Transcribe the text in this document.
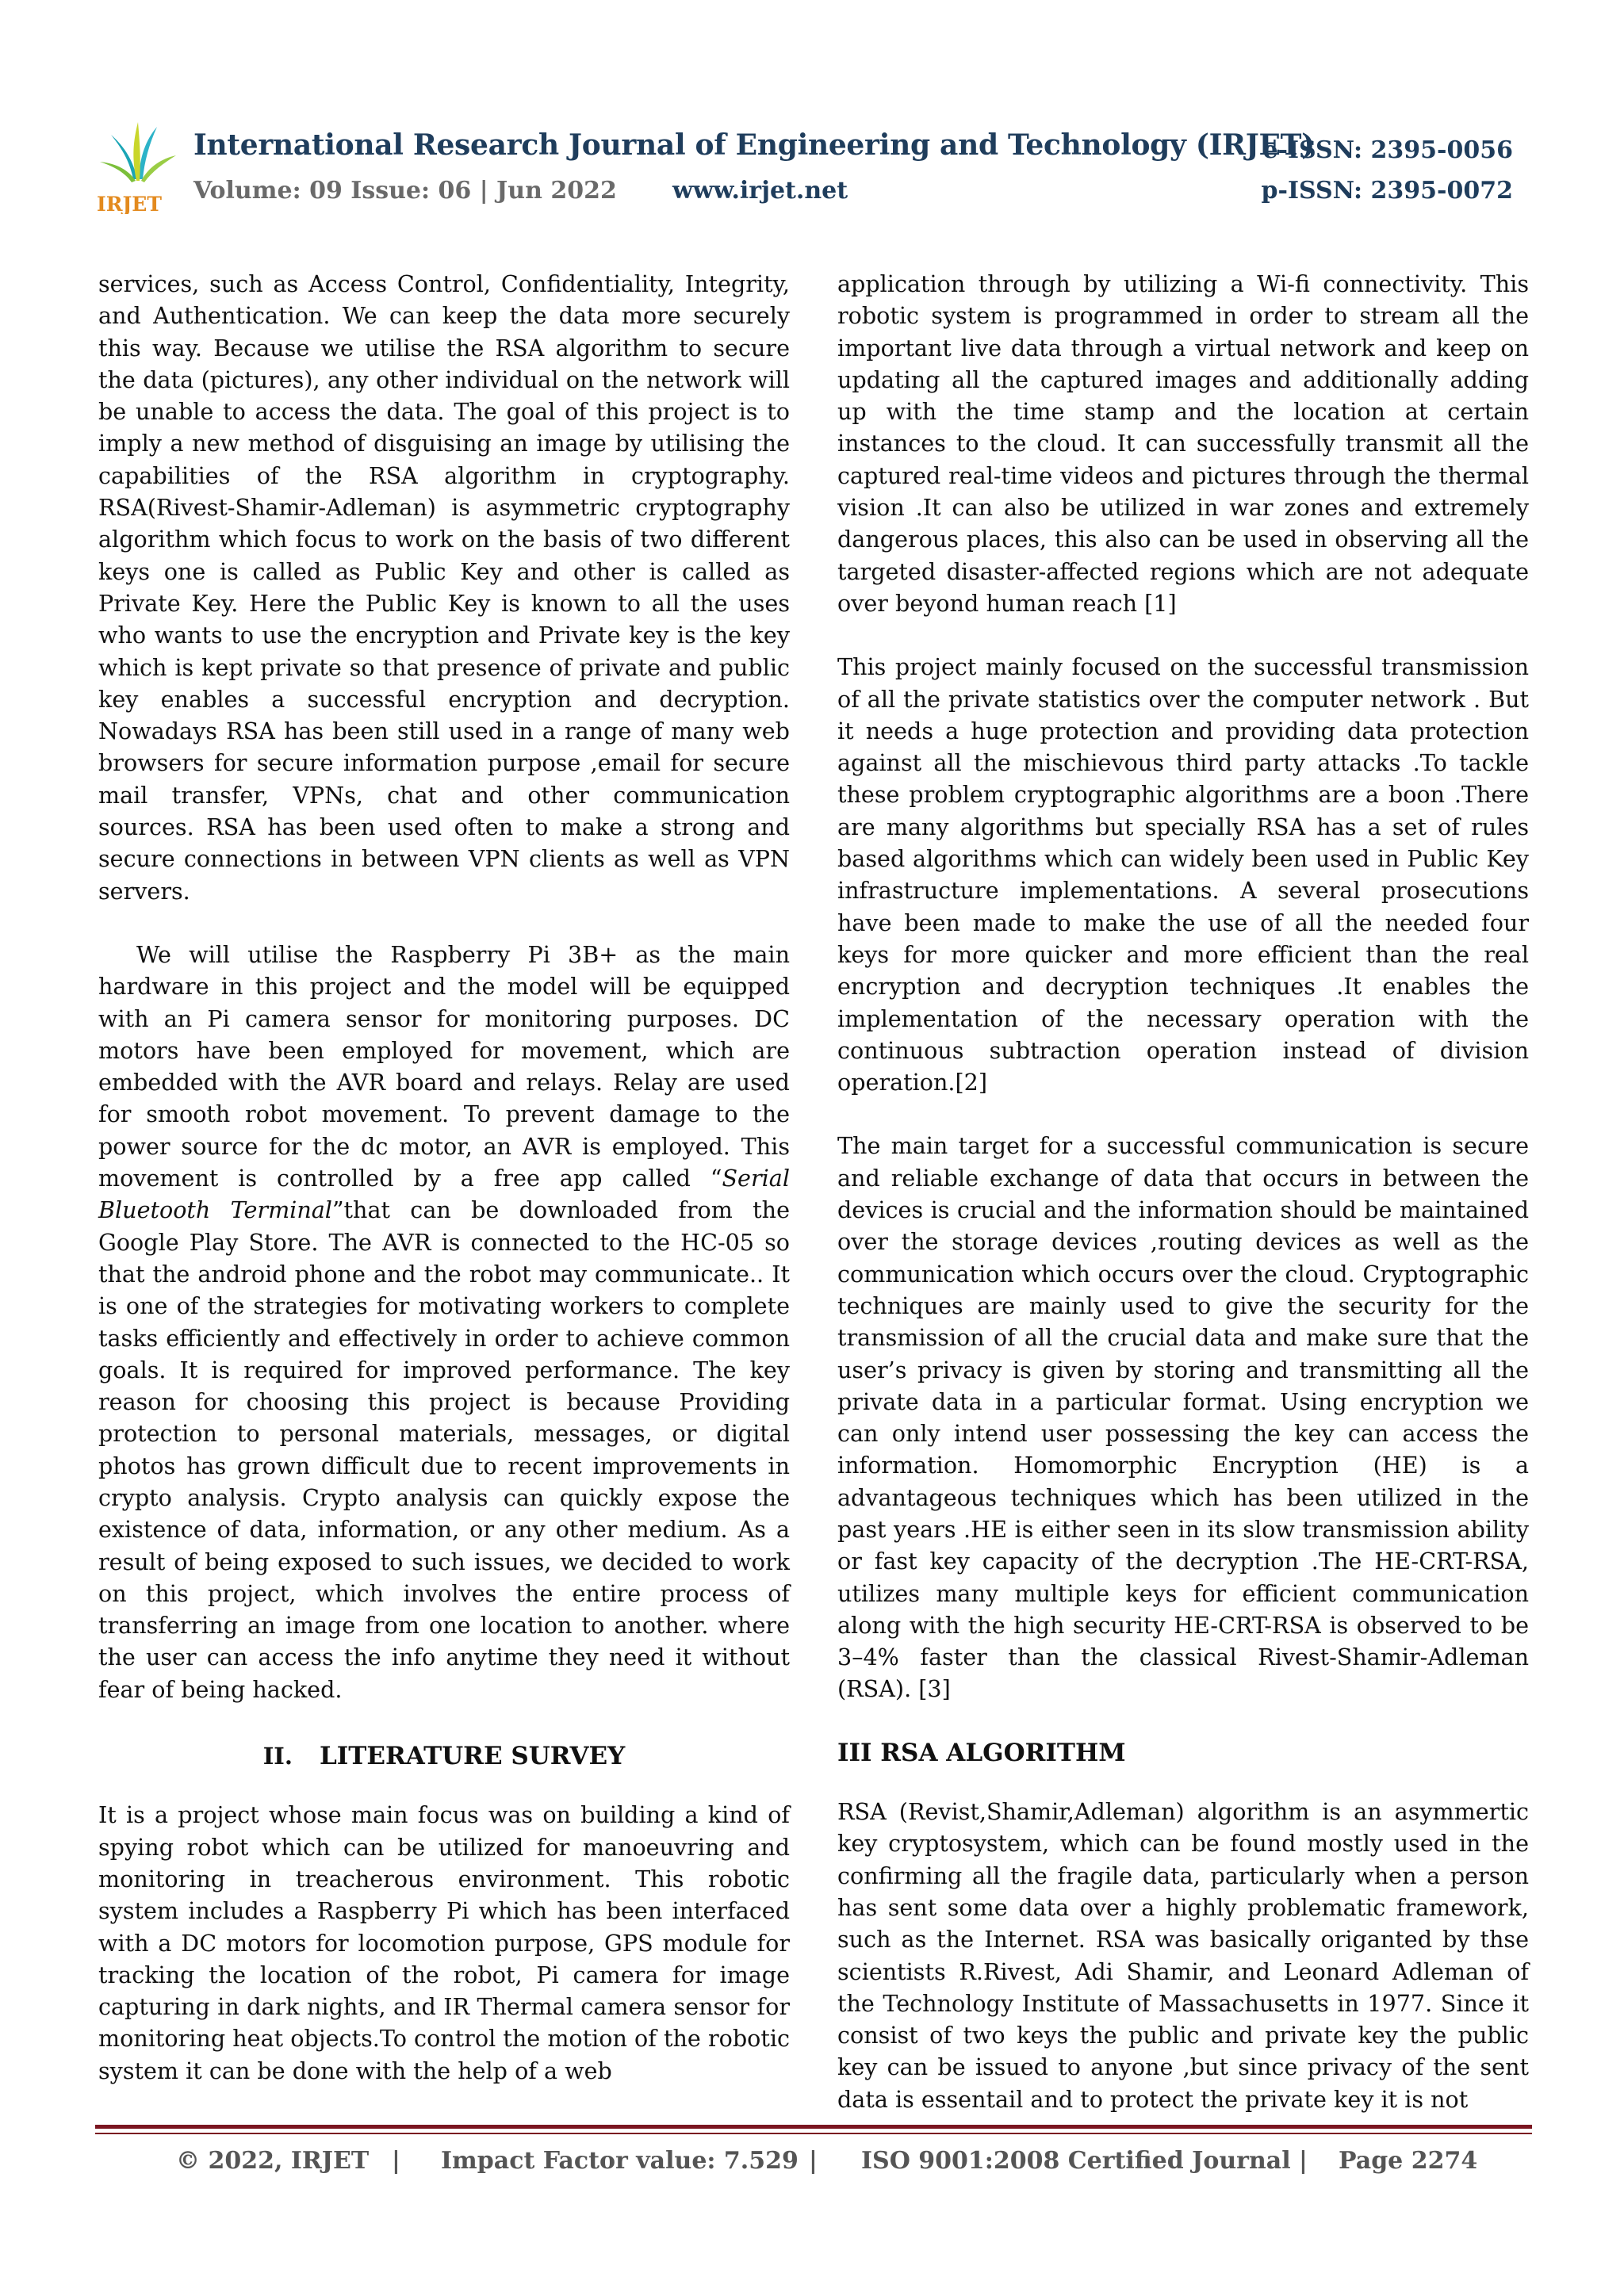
IRJET
International Research Journal of Engineering and Technology (IRJET)
e-ISSN: 2395-0056
Volume: 09 Issue: 06 | Jun 2022 www.irjet.net	p-ISSN: 2395-0072

services, such as Access Control, Confidentiality, Integrity, and Authentication. We can keep the data more securely this way. Because we utilise the RSA algorithm to secure the data (pictures), any other individual on the network will be unable to access the data. The goal of this project is to imply a new method of disguising an image by utilising the capabilities of the RSA algorithm in cryptography. RSA(Rivest-Shamir-Adleman) is asymmetric cryptography algorithm which focus to work on the basis of two different keys one is called as Public Key and other is called as Private Key. Here the Public Key is known to all the uses who wants to use the encryption and Private key is the key which is kept private so that presence of private and public key enables a successful encryption and decryption. Nowadays RSA has been still used in a range of many web browsers for secure information purpose ,email for secure mail transfer, VPNs, chat and other communication sources. RSA has been used often to make a strong and secure connections in between VPN clients as well as VPN servers.

We will utilise the Raspberry Pi 3B+ as the main hardware in this project and the model will be equipped with an Pi camera sensor for monitoring purposes. DC motors have been employed for movement, which are embedded with the AVR board and relays. Relay are used for smooth robot movement. To prevent damage to the power source for the dc motor, an AVR is employed. This movement is controlled by a free app called “Serial Bluetooth Terminal”that can be downloaded from the Google Play Store. The AVR is connected to the HC-05 so that the android phone and the robot may communicate.. It is one of the strategies for motivating workers to complete tasks efficiently and effectively in order to achieve common goals. It is required for improved performance. The key reason for choosing this project is because Providing protection to personal materials, messages, or digital photos has grown difficult due to recent improvements in crypto analysis. Crypto analysis can quickly expose the existence of data, information, or any other medium. As a result of being exposed to such issues, we decided to work on this project, which involves the entire process of transferring an image from one location to another. where the user can access the info anytime they need it without fear of being hacked.

II. LITERATURE SURVEY

It is a project whose main focus was on building a kind of spying robot which can be utilized for manoeuvring and monitoring in treacherous environment. This robotic system includes a Raspberry Pi which has been interfaced with a DC motors for locomotion purpose, GPS module for tracking the location of the robot, Pi camera for image capturing in dark nights, and IR Thermal camera sensor for monitoring heat objects.To control the motion of the robotic system it can be done with the help of a web

application through by utilizing a Wi-fi connectivity. This robotic system is programmed in order to stream all the important live data through a virtual network and keep on updating all the captured images and additionally adding up with the time stamp and the location at certain instances to the cloud. It can successfully transmit all the captured real-time videos and pictures through the thermal vision .It can also be utilized in war zones and extremely dangerous places, this also can be used in observing all the targeted disaster-affected regions which are not adequate over beyond human reach [1]

This project mainly focused on the successful transmission of all the private statistics over the computer network . But it needs a huge protection and providing data protection against all the mischievous third party attacks .To tackle these problem cryptographic algorithms are a boon .There are many algorithms but specially RSA has a set of rules based algorithms which can widely been used in Public Key infrastructure implementations. A several prosecutions have been made to make the use of all the needed four keys for more quicker and more efficient than the real encryption and decryption techniques .It enables the implementation of the necessary operation with the continuous subtraction operation instead of division operation.[2]

The main target for a successful communication is secure and reliable exchange of data that occurs in between the devices is crucial and the information should be maintained over the storage devices ,routing devices as well as the communication which occurs over the cloud. Cryptographic techniques are mainly used to give the security for the transmission of all the crucial data and make sure that the user’s privacy is given by storing and transmitting all the private data in a particular format. Using encryption we can only intend user possessing the key can access the information. Homomorphic Encryption (HE) is a advantageous techniques which has been utilized in the past years .HE is either seen in its slow transmission ability or fast key capacity of the decryption .The HE-CRT-RSA, utilizes many multiple keys for efficient communication along with the high security HE-CRT-RSA is observed to be 3–4% faster than the classical Rivest-Shamir-Adleman (RSA). [3]

III RSA ALGORITHM

RSA (Revist,Shamir,Adleman) algorithm is an asymmertic key cryptosystem, which can be found mostly used in the confirming all the fragile data, particularly when a person has sent some data over a highly problematic framework, such as the Internet. RSA was basically origanted by thse scientists R.Rivest, Adi Shamir, and Leonard Adleman of the Technology Institute of Massachusetts in 1977. Since it consist of two keys the public and private key the public key can be issued to anyone ,but since privacy of the sent data is essentail and to protect the private key it is not

© 2022, IRJET | Impact Factor value: 7.529 | ISO 9001:2008 Certified Journal | Page 2274
